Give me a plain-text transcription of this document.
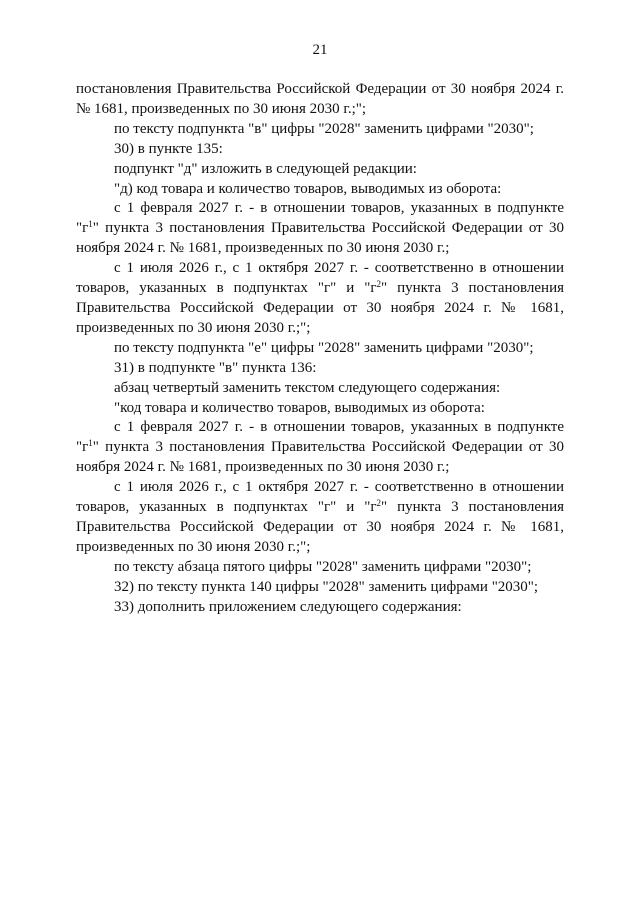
21

постановления Правительства Российской Федерации от 30 ноября 2024 г. № 1681, произведенных по 30 июня 2030 г.;";

по тексту подпункта "в" цифры "2028" заменить цифрами "2030";

30) в пункте 135:

подпункт "д" изложить в следующей редакции:

"д) код товара и количество товаров, выводимых из оборота:

с 1 февраля 2027 г. - в отношении товаров, указанных в подпункте "$г^1$" пункта 3 постановления Правительства Российской Федерации от 30 ноября 2024 г. № 1681, произведенных по 30 июня 2030 г.;

с 1 июля 2026 г., с 1 октября 2027 г. - соответственно в отношении товаров, указанных в подпунктах "г" и "$г^2$" пункта 3 постановления Правительства Российской Федерации от 30 ноября 2024 г. № 1681, произведенных по 30 июня 2030 г.;";

по тексту подпункта "е" цифры "2028" заменить цифрами "2030";

31) в подпункте "в" пункта 136:

абзац четвертый заменить текстом следующего содержания:

"код товара и количество товаров, выводимых из оборота:

с 1 февраля 2027 г. - в отношении товаров, указанных в подпункте "$г^1$" пункта 3 постановления Правительства Российской Федерации от 30 ноября 2024 г. № 1681, произведенных по 30 июня 2030 г.;

с 1 июля 2026 г., с 1 октября 2027 г. - соответственно в отношении товаров, указанных в подпунктах "г" и "$г^2$" пункта 3 постановления Правительства Российской Федерации от 30 ноября 2024 г. № 1681, произведенных по 30 июня 2030 г.;";

по тексту абзаца пятого цифры "2028" заменить цифрами "2030";

32) по тексту пункта 140 цифры "2028" заменить цифрами "2030";

33) дополнить приложением следующего содержания:
